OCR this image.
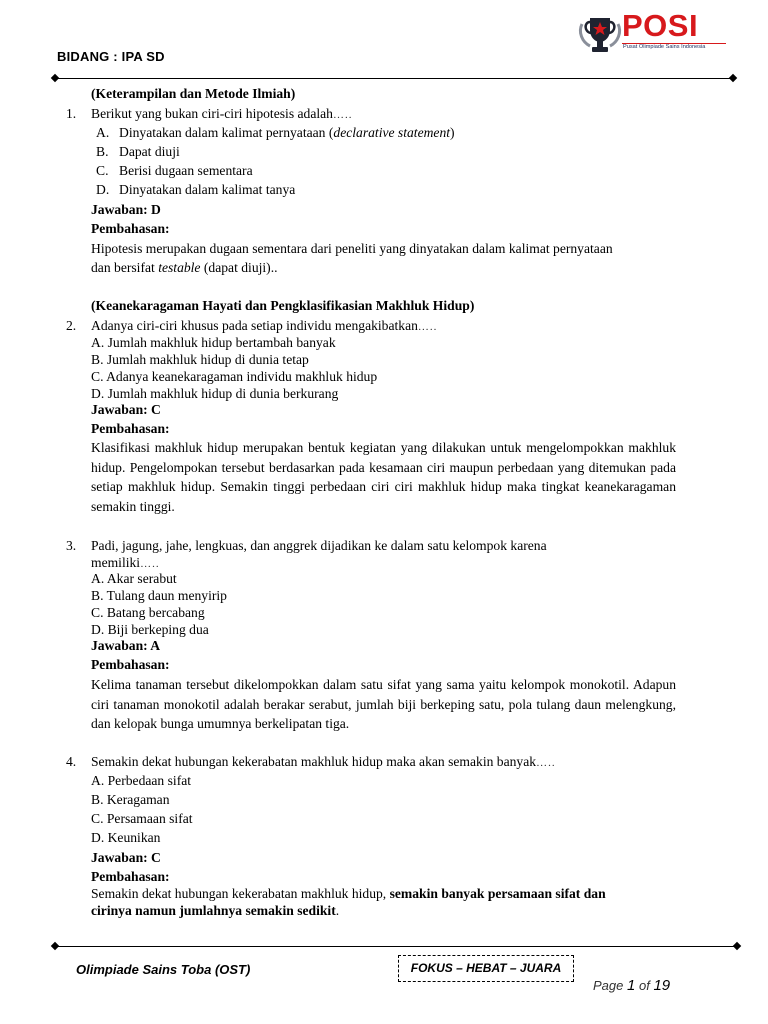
BIDANG : IPA SD
POSI
Pusat Olimpiade Sains Indonesia
(Keterampilan dan Metode Ilmiah)
1. Berikut yang bukan ciri-ciri hipotesis adalah…..
A. Dinyatakan dalam kalimat pernyataan (declarative statement)
B. Dapat diuji
C. Berisi dugaan sementara
D. Dinyatakan dalam kalimat tanya
Jawaban: D
Pembahasan:
Hipotesis merupakan dugaan sementara dari peneliti yang dinyatakan dalam kalimat pernyataan
dan bersifat testable (dapat diuji)..
(Keanekaragaman Hayati dan Pengklasifikasian Makhluk Hidup)
2. Adanya ciri-ciri khusus pada setiap individu mengakibatkan…..
A. Jumlah makhluk hidup bertambah banyak
B. Jumlah makhluk hidup di dunia tetap
C. Adanya keanekaragaman individu makhluk hidup
D. Jumlah makhluk hidup di dunia berkurang
Jawaban: C
Pembahasan:
Klasifikasi makhluk hidup merupakan bentuk kegiatan yang dilakukan untuk mengelompokkan makhluk hidup. Pengelompokan tersebut berdasarkan pada kesamaan ciri maupun perbedaan yang ditemukan pada setiap makhluk hidup. Semakin tinggi perbedaan ciri ciri makhluk hidup maka tingkat keanekaragaman semakin tinggi.
3. Padi, jagung, jahe, lengkuas, dan anggrek dijadikan ke dalam satu kelompok karena
memiliki…..
A. Akar serabut
B. Tulang daun menyirip
C. Batang bercabang
D. Biji berkeping dua
Jawaban: A
Pembahasan:
Kelima tanaman tersebut dikelompokkan dalam satu sifat yang sama yaitu kelompok monokotil. Adapun ciri tanaman monokotil adalah berakar serabut, jumlah biji berkeping satu, pola tulang daun melengkung, dan kelopak bunga umumnya berkelipatan tiga.
4. Semakin dekat hubungan kekerabatan makhluk hidup maka akan semakin banyak…..
A. Perbedaan sifat
B. Keragaman
C. Persamaan sifat
D. Keunikan
Jawaban: C
Pembahasan:
Semakin dekat hubungan kekerabatan makhluk hidup, semakin banyak persamaan sifat dan
cirinya namun jumlahnya semakin sedikit.
Olimpiade Sains Toba (OST)	FOKUS – HEBAT – JUARA
Page 1 of 19
